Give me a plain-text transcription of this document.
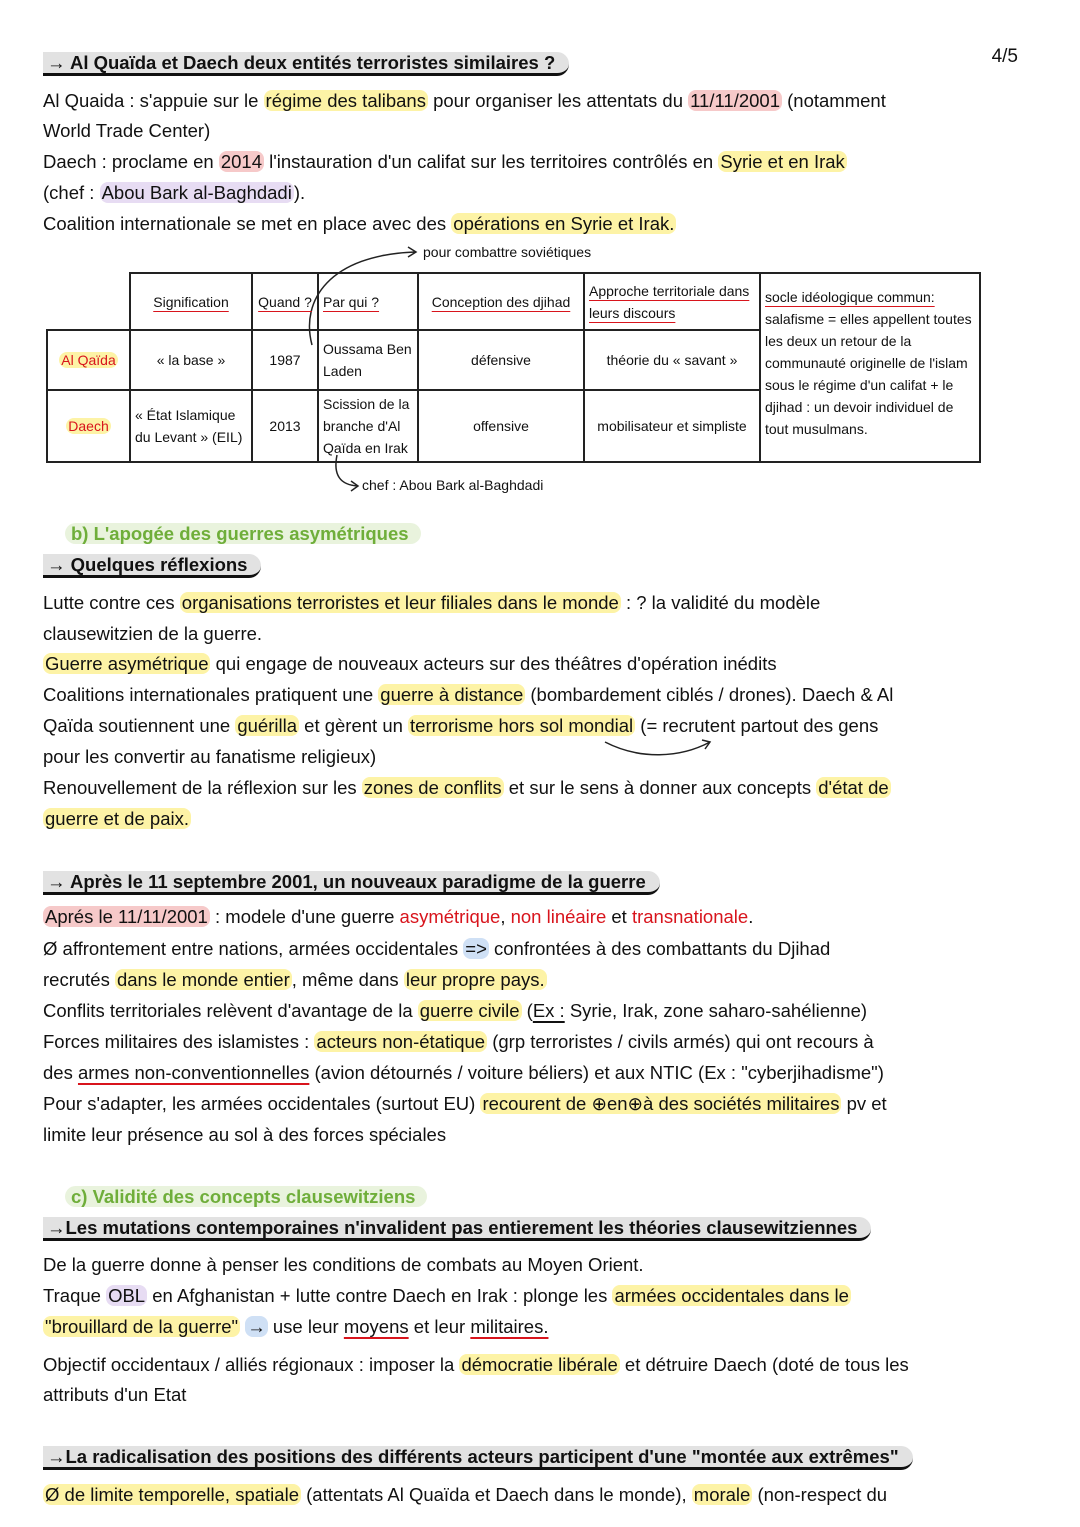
4/5
→ Al Quaïda et Daech deux entités terroristes similaires ?
Al Quaida : s'appuie sur le régime des talibans pour organiser les attentats du 11/11/2001 (notamment
World Trade Center)
Daech : proclame en 2014 l'instauration d'un califat sur les territoires contrôlés en Syrie et en Irak
(chef : Abou Bark al-Baghdadi ).
Coalition internationale se met en place avec des opérations en Syrie et Irak.
b) L'apogée des guerres asymétriques
→ Quelques réflexions
Lutte contre ces organisations terroristes et leur filiales dans le monde : ? la validité du modèle
clausewitzien de la guerre.
Guerre asymétrique qui engage de nouveaux acteurs sur des théâtres d'opération inédits
Coalitions internationales pratiquent une guerre à distance (bombardement ciblés / drones). Daech & Al
Qaïda soutiennent une guérilla et gèrent un terrorisme hors sol mondial (= recrutent partout des gens
pour les convertir au fanatisme religieux)
Renouvellement de la réflexion sur les zones de conflits et sur le sens à donner aux concepts d'état de
guerre et de paix.
→ Après le 11 septembre 2001, un nouveaux paradigme de la guerre
Aprés le 11/11/2001 : modele d'une guerre asymétrique, non linéaire et transnationale.
Ø affrontement entre nations, armées occidentales => confrontées à des combattants du Djihad
recrutés dans le monde entier , même dans leur propre pays.
Conflits territoriales relèvent d'avantage de la guerre civile (Ex : Syrie, Irak, zone saharo-sahélienne)
Forces militaires des islamistes : acteurs non-étatique (grp terroristes / civils armés) qui ont recours à
des armes non-conventionnelles (avion détournés / voiture béliers) et aux NTIC (Ex : "cyberjihadisme")
Pour s'adapter, les armées occidentales (surtout EU) recourent de ⊕en⊕à des sociétés militaires pv et
limite leur présence au sol à des forces spéciales
c) Validité des concepts clausewitziens
→Les mutations contemporaines n'invalident pas entierement les théories clausewitziennes
De la guerre donne à penser les conditions de combats au Moyen Orient.
Traque OBL en Afghanistan + lutte contre Daech en Irak : plonge les armées occidentales dans le
"brouillard de la guerre" → use leur moyens et leur militaires.
Objectif occidentaux / alliés régionaux : imposer la démocratie libérale et détruire Daech (doté de tous les
attributs d'un Etat
→La radicalisation des positions des différents acteurs participent d'une "montée aux extrêmes"
Ø de limite temporelle, spatiale (attentats Al Quaïda et Daech dans le monde), morale (non-respect du
pour combattre soviétiques
chef : Abou Bark al-Baghdadi
	Signification	Quand ?	Par qui ?	Conception des djihad	Approche territoriale dans leurs discours	socle idéologique commun:
salafisme = elles appellent toutes les deux un retour de la communauté originelle de l'islam sous le régime d'un califat + le djihad : un devoir individuel de tout musulmans.
Al Qaïda	« la base »	1987	Oussama Ben Laden	défensive	théorie du « savant »	
Daech	« État Islamique du Levant » (EIL)	2013	Scission de la branche d'Al Qaïda en Irak	offensive	mobilisateur et simpliste	
